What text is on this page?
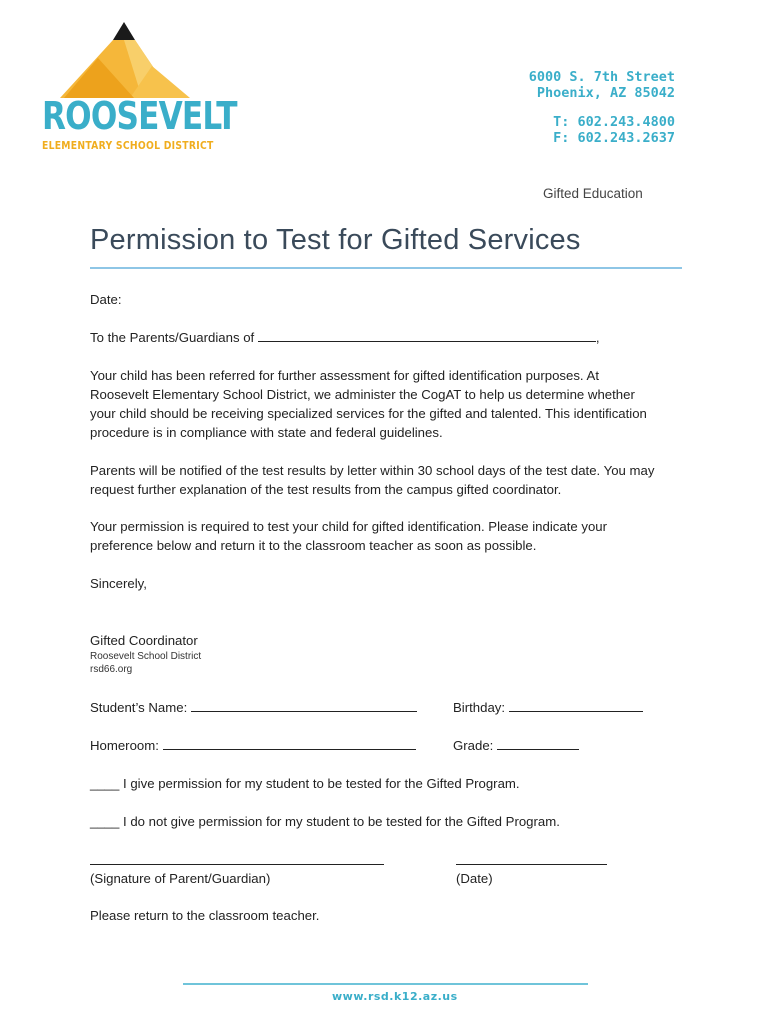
ROOSEVELT
ELEMENTARY SCHOOL DISTRICT
6000 S. 7th Street
Phoenix, AZ 85042
T: 602.243.4800
F: 602.243.2637
Gifted Education
Permission to Test for Gifted Services
Date:
To the Parents/Guardians of	,
Your child has been referred for further assessment for gifted identification purposes. At Roosevelt Elementary School District, we administer the CogAT to help us determine whether your child should be receiving specialized services for the gifted and talented. This identification procedure is in compliance with state and federal guidelines.
Parents will be notified of the test results by letter within 30 school days of the test date. You may request further explanation of the test results from the campus gifted coordinator.
Your permission is required to test your child for gifted identification. Please indicate your preference below and return it to the classroom teacher as soon as possible.
Sincerely,
Gifted Coordinator
Roosevelt School District
rsd66.org
Student’s Name:	Birthday:
Homeroom:	Grade:
____ I give permission for my student to be tested for the Gifted Program.
____ I do not give permission for my student to be tested for the Gifted Program.
(Signature of Parent/Guardian)	(Date)
Please return to the classroom teacher.
www.rsd.k12.az.us
